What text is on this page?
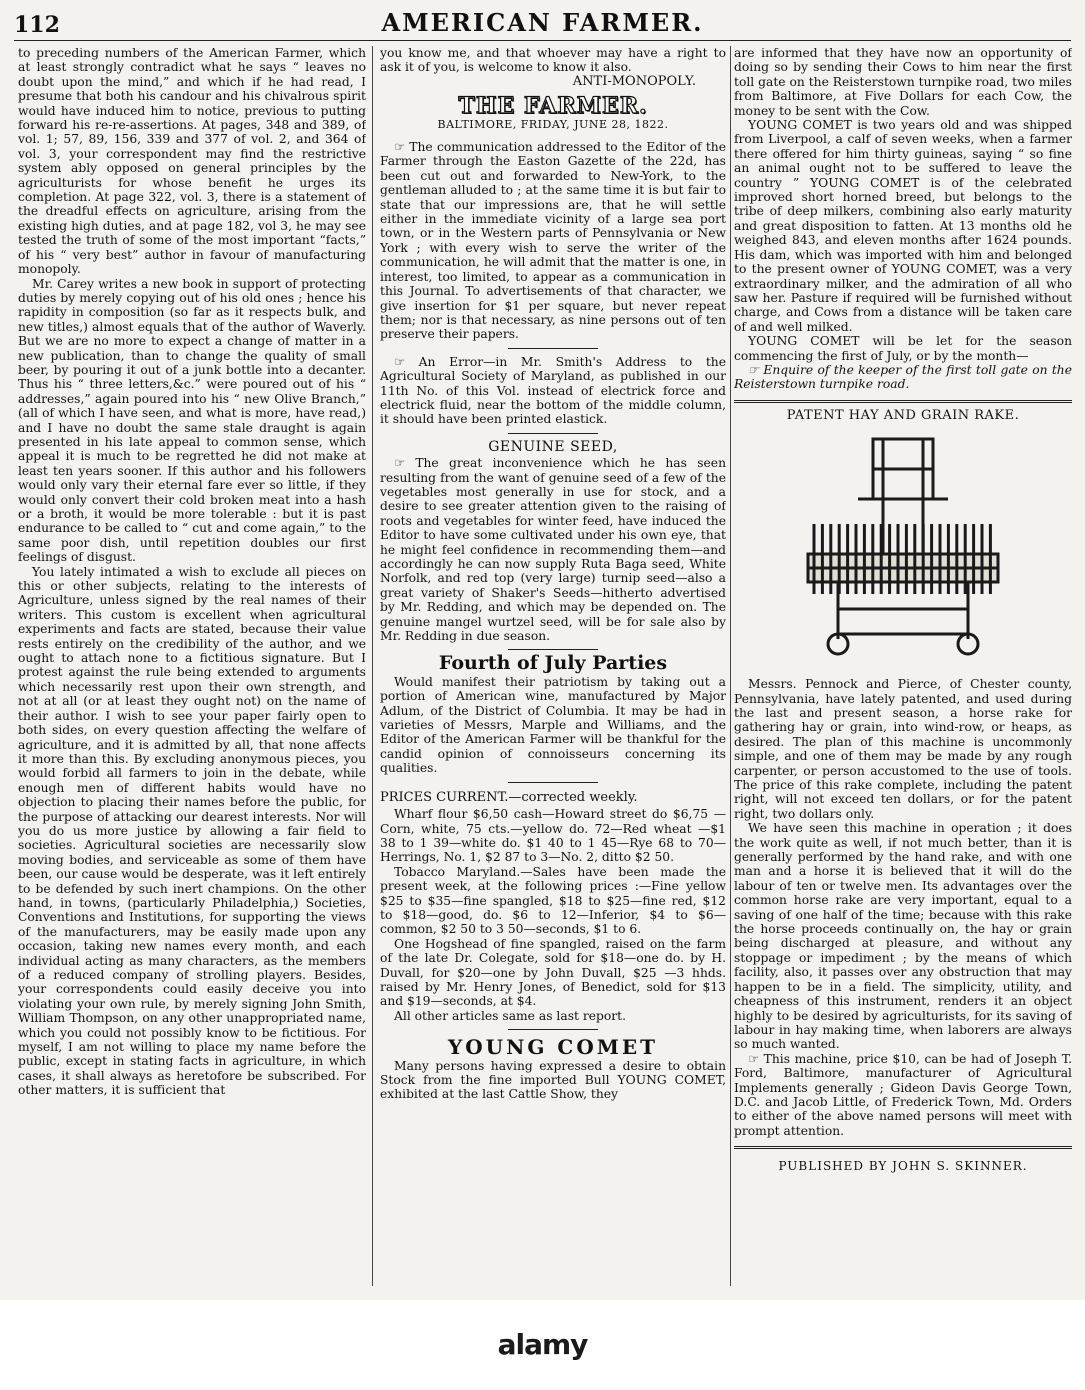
112	AMERICAN FARMER.

to preceding numbers of the American Farmer, which at least strongly contradict what he says “ leaves no doubt upon the mind,” and which if he had read, I presume that both his candour and his chivalrous spirit would have induced him to notice, previous to putting forward his re-re-assertions. At pages, 348 and 389, of vol. 1; 57, 89, 156, 339 and 377 of vol. 2, and 364 of vol. 3, your correspondent may find the restrictive system ably opposed on general principles by the agriculturists for whose benefit he urges its completion. At page 322, vol. 3, there is a statement of the dreadful effects on agriculture, arising from the existing high duties, and at page 182, vol 3, he may see tested the truth of some of the most important “facts,” of his “ very best” author in favour of manufacturing monopoly.

Mr. Carey writes a new book in support of protecting duties by merely copying out of his old ones ; hence his rapidity in composition (so far as it respects bulk, and new titles,) almost equals that of the author of Waverly. But we are no more to expect a change of matter in a new publication, than to change the quality of small beer, by pouring it out of a junk bottle into a decanter. Thus his “ three letters,&c.” were poured out of his “ addresses,” again poured into his “ new Olive Branch,” (all of which I have seen, and what is more, have read,) and I have no doubt the same stale draught is again presented in his late appeal to common sense, which appeal it is much to be regretted he did not make at least ten years sooner. If this author and his followers would only vary their eternal fare ever so little, if they would only convert their cold broken meat into a hash or a broth, it would be more tolerable : but it is past endurance to be called to “ cut and come again,” to the same poor dish, until repetition doubles our first feelings of disgust.

You lately intimated a wish to exclude all pieces on this or other subjects, relating to the interests of Agriculture, unless signed by the real names of their writers. This custom is excellent when agricultural experiments and facts are stated, because their value rests entirely on the credibility of the author, and we ought to attach none to a fictitious signature. But I protest against the rule being extended to arguments which necessarily rest upon their own strength, and not at all (or at least they ought not) on the name of their author. I wish to see your paper fairly open to both sides, on every question affecting the welfare of agriculture, and it is admitted by all, that none affects it more than this. By excluding anonymous pieces, you would forbid all farmers to join in the debate, while enough men of different habits would have no objection to placing their names before the public, for the purpose of attacking our dearest interests. Nor will you do us more justice by allowing a fair field to societies. Agricultural societies are necessarily slow moving bodies, and serviceable as some of them have been, our cause would be desperate, was it left entirely to be defended by such inert champions. On the other hand, in towns, (particularly Philadelphia,) Societies, Conventions and Institutions, for supporting the views of the manufacturers, may be easily made upon any occasion, taking new names every month, and each individual acting as many characters, as the members of a reduced company of strolling players. Besides, your correspondents could easily deceive you into violating your own rule, by merely signing John Smith, William Thompson, on any other unappropriated name, which you could not possibly know to be fictitious. For myself, I am not willing to place my name before the public, except in stating facts in agriculture, in which cases, it shall always as heretofore be subscribed. For other matters, it is sufficient that

you know me, and that whoever may have a right to ask it of you, is welcome to know it also.

ANTI-MONOPOLY.

THE FARMER.
BALTIMORE, FRIDAY, JUNE 28, 1822.

☞ The communication addressed to the Editor of the Farmer through the Easton Gazette of the 22d, has been cut out and forwarded to New-York, to the gentleman alluded to ; at the same time it is but fair to state that our impressions are, that he will settle either in the immediate vicinity of a large sea port town, or in the Western parts of Pennsylvania or New York ; with every wish to serve the writer of the communication, he will admit that the matter is one, in interest, too limited, to appear as a communication in this Journal. To advertisements of that character, we give insertion for $1 per square, but never repeat them; nor is that necessary, as nine persons out of ten preserve their papers.

☞ An Error—in Mr. Smith's Address to the Agricultural Society of Maryland, as published in our 11th No. of this Vol. instead of electrick force and electrick fluid, near the bottom of the middle column, it should have been printed elastick.

GENUINE SEED,

☞ The great inconvenience which he has seen resulting from the want of genuine seed of a few of the vegetables most generally in use for stock, and a desire to see greater attention given to the raising of roots and vegetables for winter feed, have induced the Editor to have some cultivated under his own eye, that he might feel confidence in recommending them—and accordingly he can now supply Ruta Baga seed, White Norfolk, and red top (very large) turnip seed—also a great variety of Shaker's Seeds—hitherto advertised by Mr. Redding, and which may be depended on. The genuine mangel wurtzel seed, will be for sale also by Mr. Redding in due season.

Fourth of July Parties

Would manifest their patriotism by taking out a portion of American wine, manufactured by Major Adlum, of the District of Columbia. It may be had in varieties of Messrs, Marple and Williams, and the Editor of the American Farmer will be thankful for the candid opinion of connoisseurs concerning its qualities.

PRICES CURRENT.—corrected weekly.

Wharf flour $6,50 cash—Howard street do $6,75 —Corn, white, 75 cts.—yellow do. 72—Red wheat —$1 38 to 1 39—white do. $1 40 to 1 45—Rye 68 to 70—Herrings, No. 1, $2 87 to 3—No. 2, ditto $2 50.

Tobacco Maryland.—Sales have been made the present week, at the following prices :—Fine yellow $25 to $35—fine spangled, $18 to $25—fine red, $12 to $18—good, do. $6 to 12—Inferior, $4 to $6—common, $2 50 to 3 50—seconds, $1 to 6.

One Hogshead of fine spangled, raised on the farm of the late Dr. Colegate, sold for $18—one do. by H. Duvall, for $20—one by John Duvall, $25 —3 hhds. raised by Mr. Henry Jones, of Benedict, sold for $13 and $19—seconds, at $4.

All other articles same as last report.

YOUNG COMET

Many persons having expressed a desire to obtain Stock from the fine imported Bull YOUNG COMET, exhibited at the last Cattle Show, they

are informed that they have now an opportunity of doing so by sending their Cows to him near the first toll gate on the Reisterstown turnpike road, two miles from Baltimore, at Five Dollars for each Cow, the money to be sent with the Cow.

YOUNG COMET is two years old and was shipped from Liverpool, a calf of seven weeks, when a farmer there offered for him thirty guineas, saying “ so fine an animal ought not to be suffered to leave the country ” YOUNG COMET is of the celebrated improved short horned breed, but belongs to the tribe of deep milkers, combining also early maturity and great disposition to fatten. At 13 months old he weighed 843, and eleven months after 1624 pounds. His dam, which was imported with him and belonged to the present owner of YOUNG COMET, was a very extraordinary milker, and the admiration of all who saw her. Pasture if required will be furnished without charge, and Cows from a distance will be taken care of and well milked.

YOUNG COMET will be let for the season commencing the first of July, or by the month—

☞ Enquire of the keeper of the first toll gate on the Reisterstown turnpike road.

PATENT HAY AND GRAIN RAKE.

Messrs. Pennock and Pierce, of Chester county, Pennsylvania, have lately patented, and used during the last and present season, a horse rake for gathering hay or grain, into wind-row, or heaps, as desired. The plan of this machine is uncommonly simple, and one of them may be made by any rough carpenter, or person accustomed to the use of tools. The price of this rake complete, including the patent right, will not exceed ten dollars, or for the patent right, two dollars only.

We have seen this machine in operation ; it does the work quite as well, if not much better, than it is generally performed by the hand rake, and with one man and a horse it is believed that it will do the labour of ten or twelve men. Its advantages over the common horse rake are very important, equal to a saving of one half of the time; because with this rake the horse proceeds continually on, the hay or grain being discharged at pleasure, and without any stoppage or impediment ; by the means of which facility, also, it passes over any obstruction that may happen to be in a field. The simplicity, utility, and cheapness of this instrument, renders it an object highly to be desired by agriculturists, for its saving of labour in hay making time, when laborers are always so much wanted.

☞ This machine, price $10, can be had of Joseph T. Ford, Baltimore, manufacturer of Agricultural Implements generally ; Gideon Davis George Town, D.C. and Jacob Little, of Frederick Town, Md. Orders to either of the above named persons will meet with prompt attention.

PUBLISHED BY JOHN S. SKINNER.

alamy
